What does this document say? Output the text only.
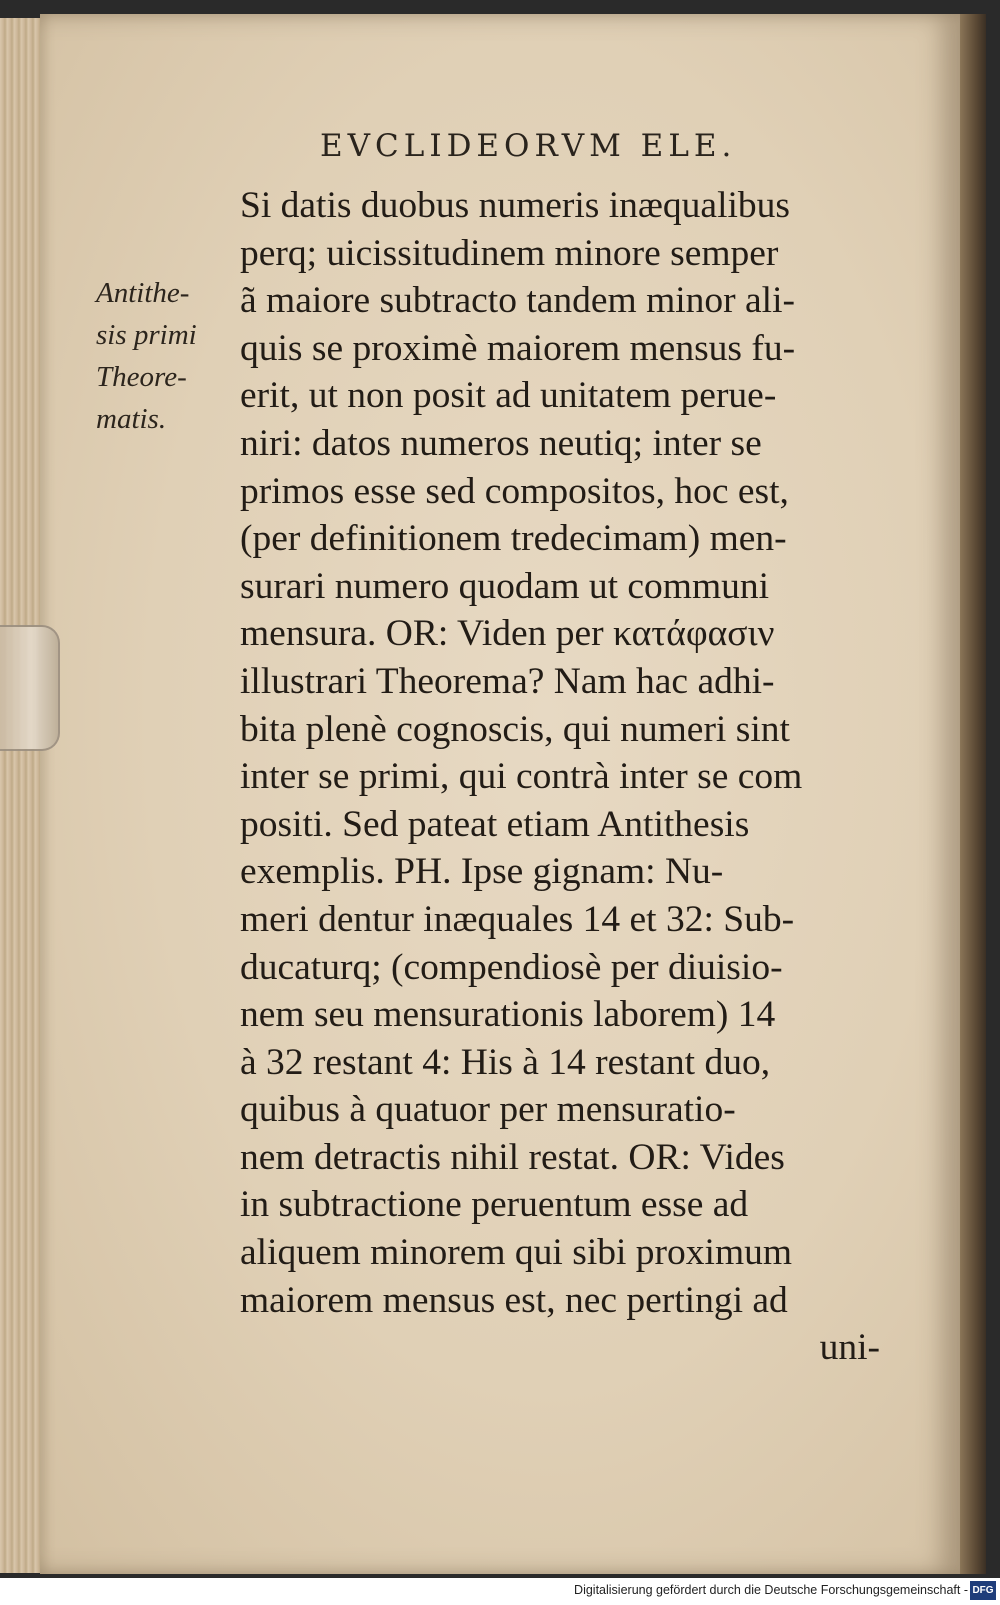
EVCLIDEORVM ELE.
Antithe-
sis primi
Theore-
matis.
Si datis duobus numeris inæqualibus
perq; uicissitudinem minore semper
ã maiore subtracto tandem minor ali-
quis se proximè maiorem mensus fu-
erit, ut non posit ad unitatem perue-
niri: datos numeros neutiq; inter se
primos esse sed compositos, hoc est,
(per definitionem tredecimam) men-
surari numero quodam ut communi
mensura. OR: Viden per κατάφασιν
illustrari Theorema? Nam hac adhi-
bita plenè cognoscis, qui numeri sint
inter se primi, qui contrà inter se com
positi. Sed pateat etiam Antithesis
exemplis. PH. Ipse gignam: Nu-
meri dentur inæquales 14 et 32: Sub-
ducaturq; (compendiosè per diuisio-
nem seu mensurationis laborem) 14
à 32 restant 4: His à 14 restant duo,
quibus à quatuor per mensuratio-
nem detractis nihil restat. OR: Vides
in subtractione peruentum esse ad
aliquem minorem qui sibi proximum
maiorem mensus est, nec pertingi ad
uni-
Digitalisierung gefördert durch die Deutsche Forschungsgemeinschaft - DFG
